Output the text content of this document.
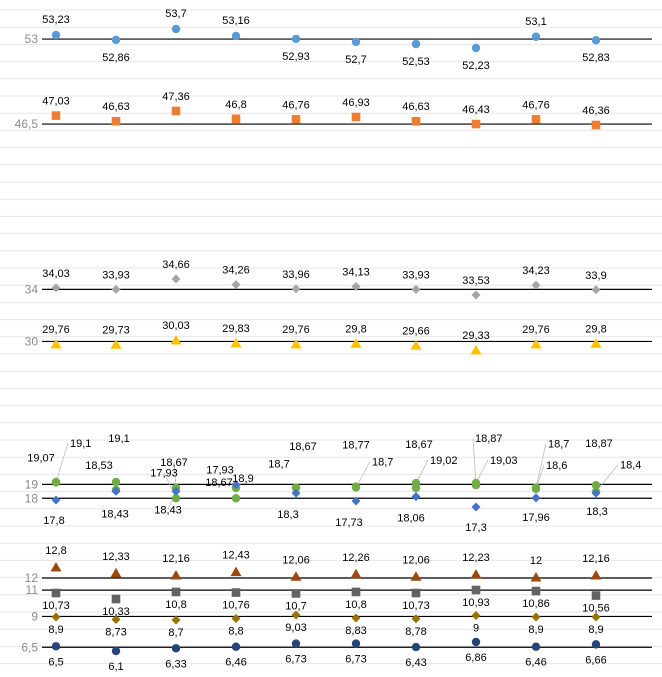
53
46,5
34
30
19
18
12
11
9
6,5
53,23
52,86
53,7
53,16
52,93	52,7	52,53	52,23
53,1
52,83
47,03	46,63
47,36
46,8	46,76	46,93	46,63	46,43	46,76	46,36
34,03	33,93
34,66	34,26	33,96	34,13	33,93	33,53
34,23	33,9
29,76	29,73	30,03	29,83	29,76	29,8	29,66	29,33
29,76	29,8
12,8	12,33	12,16	12,43	12,06	12,26	12,06	12,23	12	12,16
10,73	10,33
10,8	10,76	10,7	10,8	10,73	10,93	10,86	10,56
8,9	8,73	8,7	8,8	9,03	8,83	8,78	9	8,9	8,9
6,5	6,1	6,33	6,46	6,73	6,73	6,43	6,86	6,46	6,66
19,07
18,53	18,67
17,93	18,7
18,77
19,02	19,03	18,6
18,87
19,1 19,1
17,93
18,67
18,67
18,7
18,67	18,87	18,7
18,4
17,8
18,43 18,43
18,9
18,3
17,73	18,06
17,3
17,96	18,3
